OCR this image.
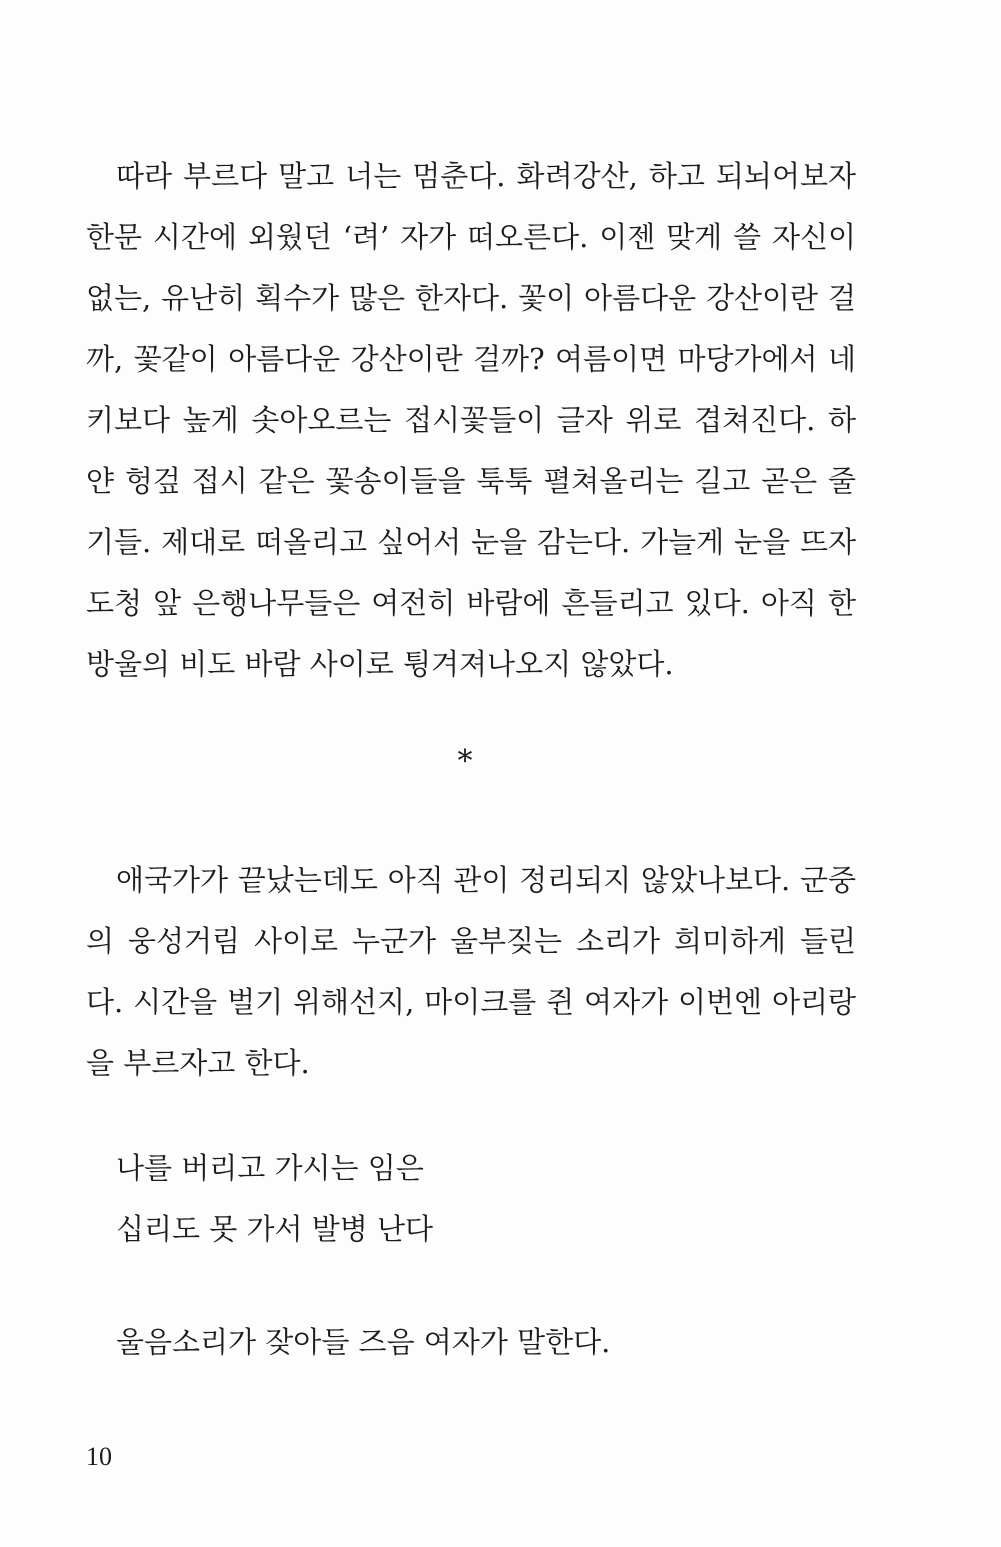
따라 부르다 말고 너는 멈춘다. 화려강산, 하고 되뇌어보자 한문 시간에 외웠던 ‘려’ 자가 떠오른다. 이젠 맞게 쓸 자신이 없는, 유난히 획수가 많은 한자다. 꽃이 아름다운 강산이란 걸까, 꽃같이 아름다운 강산이란 걸까? 여름이면 마당가에서 네 키보다 높게 솟아오르는 접시꽃들이 글자 위로 겹쳐진다. 하얀 헝겊 접시 같은 꽃송이들을 툭툭 펼쳐올리는 길고 곧은 줄기들. 제대로 떠올리고 싶어서 눈을 감는다. 가늘게 눈을 뜨자 도청 앞 은행나무들은 여전히 바람에 흔들리고 있다. 아직 한방울의 비도 바람 사이로 튕겨져나오지 않았다.

*

애국가가 끝났는데도 아직 관이 정리되지 않았나보다. 군중의 웅성거림 사이로 누군가 울부짖는 소리가 희미하게 들린다. 시간을 벌기 위해선지, 마이크를 쥔 여자가 이번엔 아리랑을 부르자고 한다.

나를 버리고 가시는 임은
십리도 못 가서 발병 난다

울음소리가 잦아들 즈음 여자가 말한다.

10
